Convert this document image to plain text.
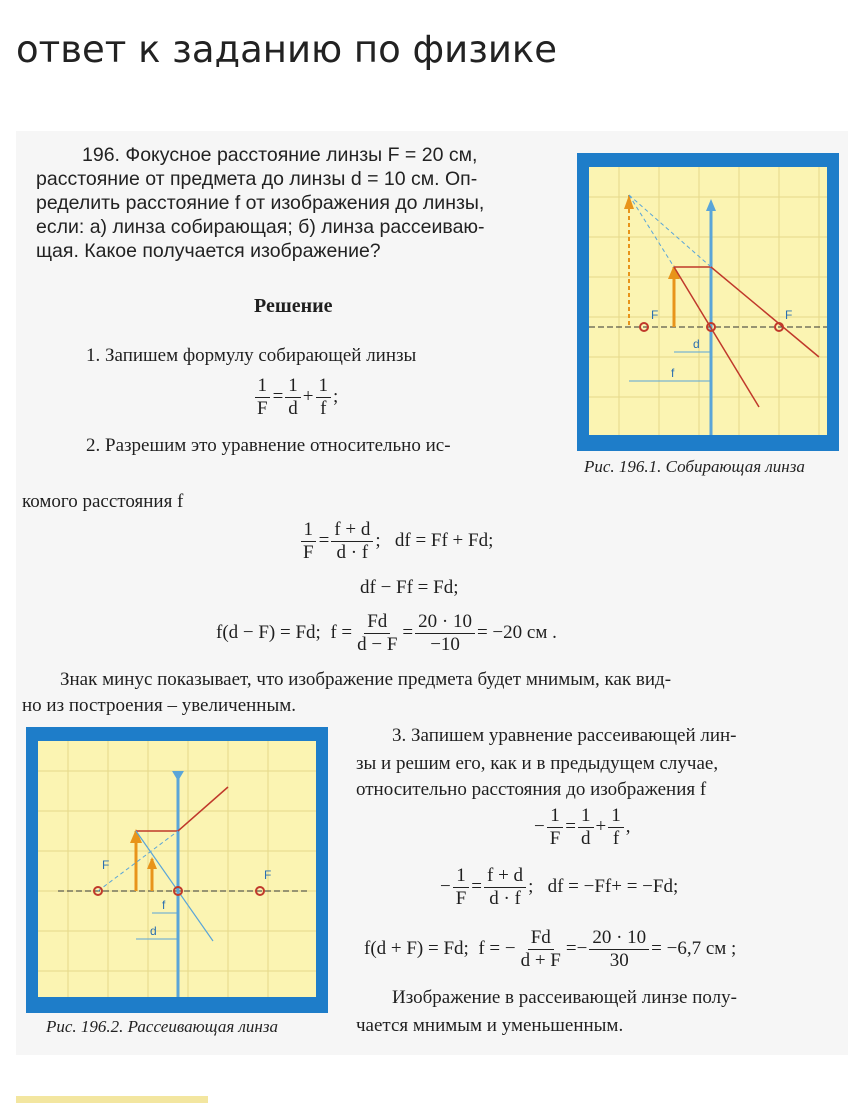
ответ к заданию по физике
196. Фокусное расстояние линзы F = 20 см,
расстояние от предмета до линзы d = 10 см. Оп-
ределить расстояние f от изображения до линзы,
если: а) линза собирающая; б) линза рассеиваю-
щая. Какое получается изображение?
Решение
1. Запишем формулу собирающей линзы
$\frac{1}{F} = \frac{1}{d} + \frac{1}{f}$ ;
2. Разрешим это уравнение относительно ис-
комого расстояния f
$\frac{1}{F} = \frac{f + d}{d \cdot f}$ ; df = Ff + Fd;
df − Ff = Fd;
f(d − F) = Fd; $f = \frac{Fd}{d - F} = \frac{20 \cdot 10}{-10} = -20$ см .
Знак минус показывает, что изображение предмета будет мнимым, как вид-
но из построения – увеличенным.
3. Запишем уравнение рассеивающей лин-
зы и решим его, как и в предыдущем случае,
относительно расстояния до изображения f
− $\frac{1}{F} = \frac{1}{d} + \frac{1}{f}$ ,
− $\frac{1}{F} = \frac{f + d}{d \cdot f}$ ; df = −Ff+ = −Fd;
f(d + F) = Fd; f = − $\frac{Fd}{d + F} =- \frac{20 \cdot 10}{30} = -6,7$ см ;
Изображение в рассеивающей линзе полу-
чается мнимым и уменьшенным.
F	F
d
f
Рис. 196.1. Собирающая линза
F
F
f
d
Рис. 196.2. Рассеивающая линза
